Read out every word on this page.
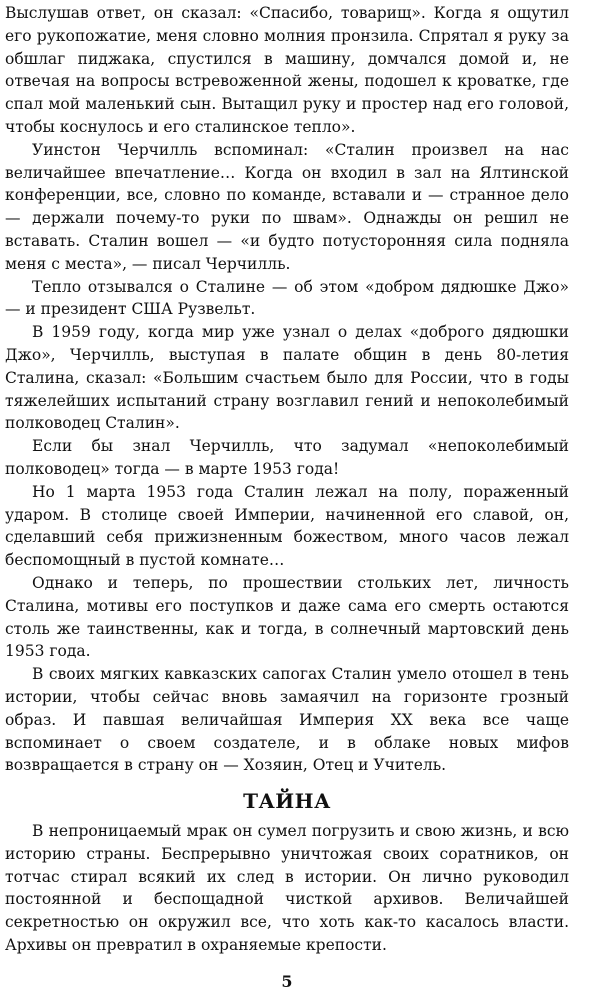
Выслушав ответ, он сказал: «Спасибо, товарищ». Когда я ощутил его рукопожатие, меня словно молния пронзила. Спрятал я руку за обшлаг пиджака, спустился в машину, домчался домой и, не отвечая на вопросы встревоженной жены, подошел к кроватке, где спал мой маленький сын. Вытащил руку и простер над его головой, чтобы коснулось и его сталинское тепло».

Уинстон Черчилль вспоминал: «Сталин произвел на нас величайшее впечатление… Когда он входил в зал на Ялтинской конференции, все, словно по команде, вставали и — странное дело — держали почему-то руки по швам». Однажды он решил не вставать. Сталин вошел — «и будто потусторонняя сила подняла меня с места», — писал Черчилль.

Тепло отзывался о Сталине — об этом «добром дядюшке Джо» — и президент США Рузвельт.

В 1959 году, когда мир уже узнал о делах «доброго дядюшки Джо», Черчилль, выступая в палате общин в день 80-летия Сталина, сказал: «Большим счастьем было для России, что в годы тяжелейших испытаний страну возглавил гений и непоколебимый полководец Сталин».

Если бы знал Черчилль, что задумал «непоколебимый полководец» тогда — в марте 1953 года!

Но 1 марта 1953 года Сталин лежал на полу, пораженный ударом. В столице своей Империи, начиненной его славой, он, сделавший себя прижизненным божеством, много часов лежал беспомощный в пустой комнате…

Однако и теперь, по прошествии стольких лет, личность Сталина, мотивы его поступков и даже сама его смерть остаются столь же таинственны, как и тогда, в солнечный мартовский день 1953 года.

В своих мягких кавказских сапогах Сталин умело отошел в тень истории, чтобы сейчас вновь замаячил на горизонте грозный образ. И павшая величайшая Империя XX века все чаще вспоминает о своем создателе, и в облаке новых мифов возвращается в страну он — Хозяин, Отец и Учитель.

ТАЙНА

В непроницаемый мрак он сумел погрузить и свою жизнь, и всю историю страны. Беспрерывно уничтожая своих соратников, он тотчас стирал всякий их след в истории. Он лично руководил постоянной и беспощадной чисткой архивов. Величайшей секретностью он окружил все, что хоть как-то касалось власти. Архивы он превратил в охраняемые крепости.

5
